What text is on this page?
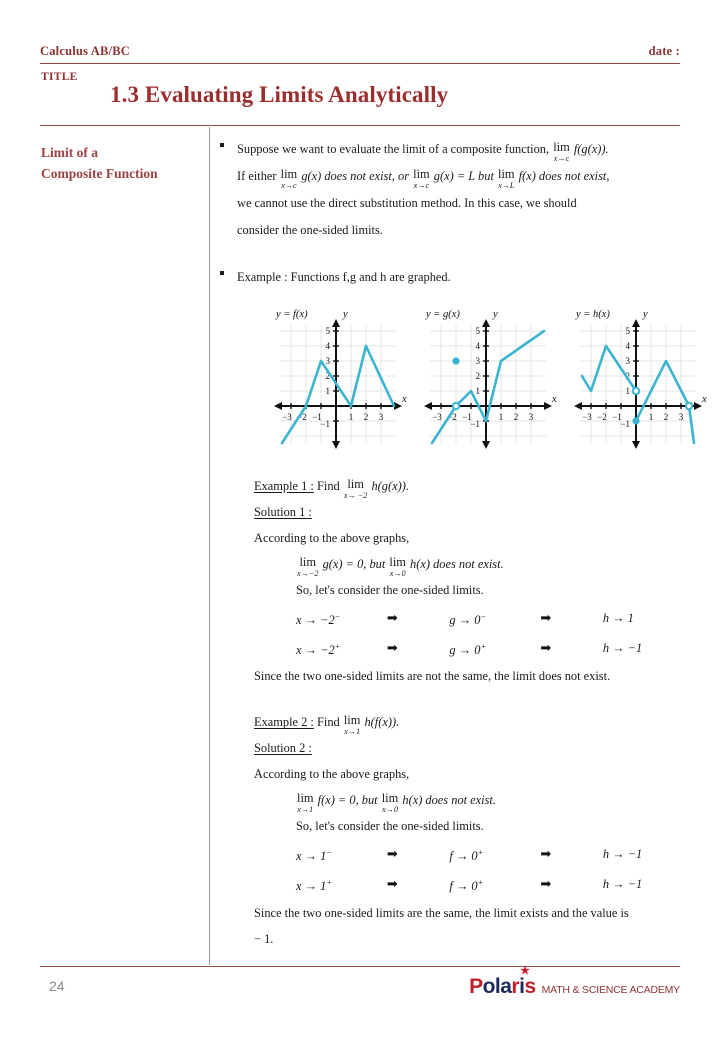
Calculus AB/BC	date :
TITLE
1.3 Evaluating Limits Analytically
Limit of a
Composite Function
Suppose we want to evaluate the limit of a composite function, lim
x→c
f(g(x)).
If either lim
x→c
g(x) does not exist, or lim
x→c
g(x) = L but lim
x→L
f(x) does not exist,
we cannot use the direct substitution method. In this case, we should
consider the one-sided limits.
Example : Functions f,g and h are graphed.
−3 −2 −1	1 2 3
5
4
3
2
1
−1
y = f(x)	y
x
−3 −2 −1	1 2 3
5
4
3
2
1
−1
y = g(x)	y
x
−3 −2 −1	1 2 3
5
4
3
2
1
−1
y = h(x)	y
x
Example 1 : Find lim
x→ −2
h(g(x)).
Solution 1 :
According to the above graphs,
lim
x→−2
g(x) = 0, but lim
x→0
h(x) does not exist.
So, let's consider the one-sided limits.
x → −2−	➡	g → 0−	➡	h → 1
x → −2+	➡	g → 0+	➡	h → −1
Since the two one-sided limits are not the same, the limit does not exist.
Example 2 : Find lim
x→1
h(f(x)).
Solution 2 :
According to the above graphs,
lim
x→1
f(x) = 0, but lim
x→0
h(x) does not exist.
So, let's consider the one-sided limits.
x → 1−	➡	f → 0+	➡	h → −1
x → 1+	➡	f → 0+	➡	h → −1
Since the two one-sided limits are the same, the limit exists and the value is
− 1.
24	Polar
★
is MATH & SCIENCE ACADEMY
